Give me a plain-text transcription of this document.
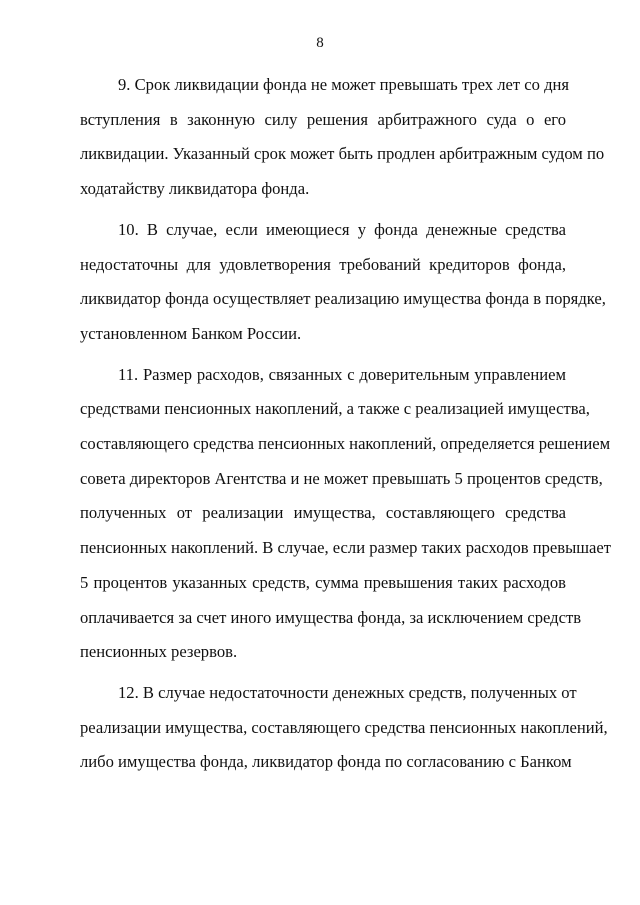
8
9. Срок ликвидации фонда не может превышать трех лет со дня
вступления в законную силу решения арбитражного суда о его
ликвидации. Указанный срок может быть продлен арбитражным судом по
ходатайству ликвидатора фонда.
10. В случае, если имеющиеся у фонда денежные средства
недостаточны для удовлетворения требований кредиторов фонда,
ликвидатор фонда осуществляет реализацию имущества фонда в порядке,
установленном Банком России.
11. Размер расходов, связанных с доверительным управлением
средствами пенсионных накоплений, а также с реализацией имущества,
составляющего средства пенсионных накоплений, определяется решением
совета директоров Агентства и не может превышать 5 процентов средств,
полученных от реализации имущества, составляющего средства
пенсионных накоплений. В случае, если размер таких расходов превышает
5 процентов указанных средств, сумма превышения таких расходов
оплачивается за счет иного имущества фонда, за исключением средств
пенсионных резервов.
12. В случае недостаточности денежных средств, полученных от
реализации имущества, составляющего средства пенсионных накоплений,
либо имущества фонда, ликвидатор фонда по согласованию с Банком
